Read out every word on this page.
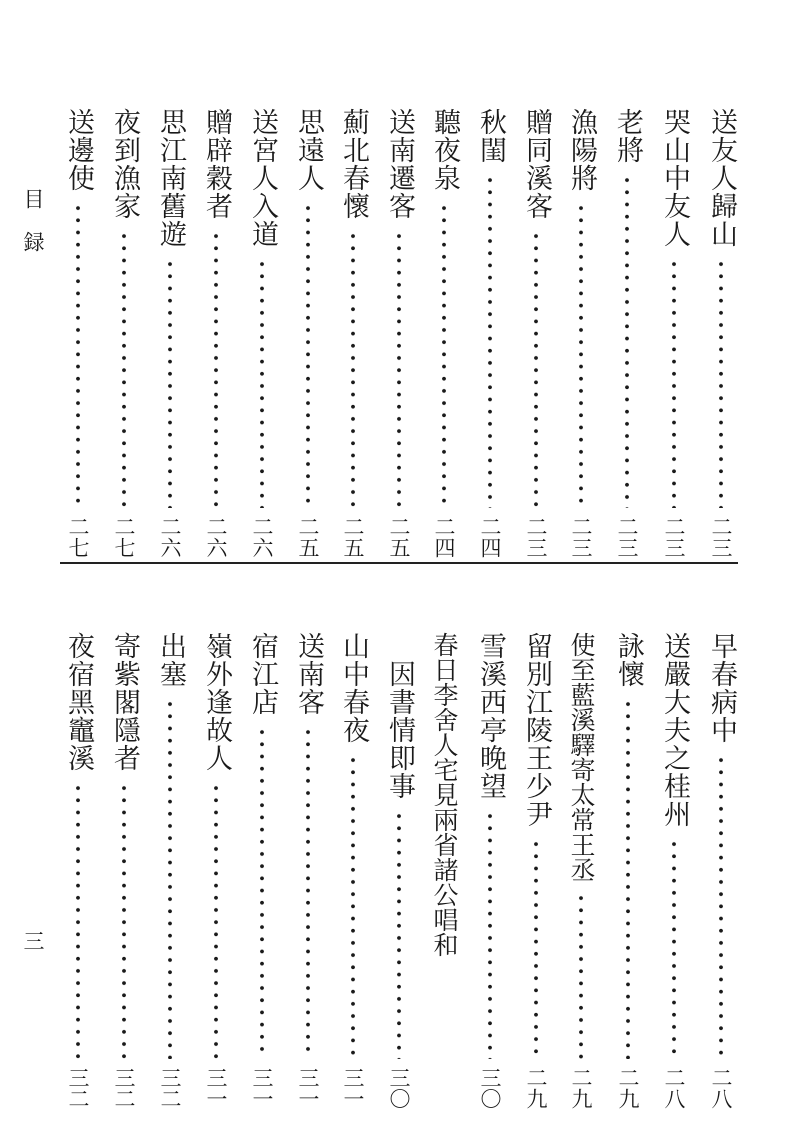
目録
三
送友人歸山
二三
哭山中友人
二三
老將
二三
漁陽將
二三
贈同溪客
二三
秋閨
二四
聽夜泉
二四
送南遷客
二五
薊北春懷
二五
思遠人
二五
送宮人入道
二六
贈辟穀者
二六
思江南舊遊
二六
夜到漁家
二七
送邊使
二七
早春病中
二八
送嚴大夫之桂州
二八
詠懷
二九
使至藍溪驛寄太常王丞
二九
留別江陵王少尹
二九
雪溪西亭晚望
三〇
春日李舍人宅見兩省諸公唱和
因書情即事
三〇
山中春夜
三一
送南客
三一
宿江店
三一
嶺外逢故人
三一
出塞
三二
寄紫閣隱者
三二
夜宿黑竈溪
三二
